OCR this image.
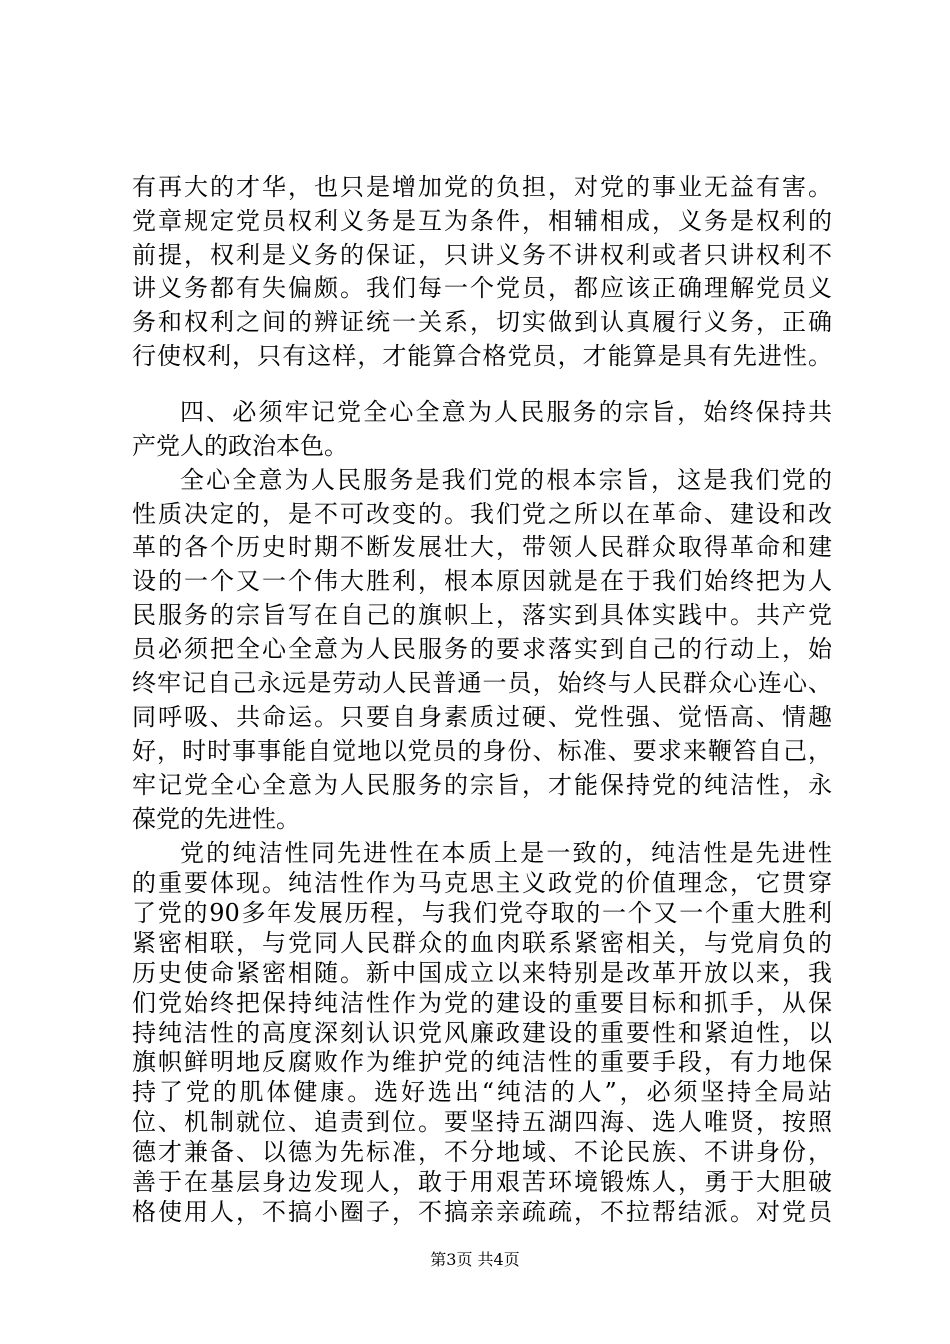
有再大的才华，也只是增加党的负担，对党的事业无益有害。
党章规定党员权利义务是互为条件，相辅相成，义务是权利的
前提，权利是义务的保证，只讲义务不讲权利或者只讲权利不
讲义务都有失偏颇。我们每一个党员，都应该正确理解党员义
务和权利之间的辨证统一关系，切实做到认真履行义务，正确
行使权利，只有这样，才能算合格党员，才能算是具有先进性。
四、必须牢记党全心全意为人民服务的宗旨，始终保持共
产党人的政治本色。
全心全意为人民服务是我们党的根本宗旨，这是我们党的
性质决定的，是不可改变的。我们党之所以在革命、建设和改
革的各个历史时期不断发展壮大，带领人民群众取得革命和建
设的一个又一个伟大胜利，根本原因就是在于我们始终把为人
民服务的宗旨写在自己的旗帜上，落实到具体实践中。共产党
员必须把全心全意为人民服务的要求落实到自己的行动上，始
终牢记自己永远是劳动人民普通一员，始终与人民群众心连心、
同呼吸、共命运。只要自身素质过硬、党性强、觉悟高、情趣
好，时时事事能自觉地以党员的身份、标准、要求来鞭笞自己，
牢记党全心全意为人民服务的宗旨，才能保持党的纯洁性，永
葆党的先进性。
党的纯洁性同先进性在本质上是一致的，纯洁性是先进性
的重要体现。纯洁性作为马克思主义政党的价值理念，它贯穿
了党的90多年发展历程，与我们党夺取的一个又一个重大胜利
紧密相联，与党同人民群众的血肉联系紧密相关，与党肩负的
历史使命紧密相随。新中国成立以来特别是改革开放以来，我
们党始终把保持纯洁性作为党的建设的重要目标和抓手，从保
持纯洁性的高度深刻认识党风廉政建设的重要性和紧迫性，以
旗帜鲜明地反腐败作为维护党的纯洁性的重要手段，有力地保
持了党的肌体健康。选好选出“纯洁的人”，必须坚持全局站
位、机制就位、追责到位。要坚持五湖四海、选人唯贤，按照
德才兼备、以德为先标准，不分地域、不论民族、不讲身份，
善于在基层身边发现人，敢于用艰苦环境锻炼人，勇于大胆破
格使用人，不搞小圈子，不搞亲亲疏疏，不拉帮结派。对党员
第3页 共4页
